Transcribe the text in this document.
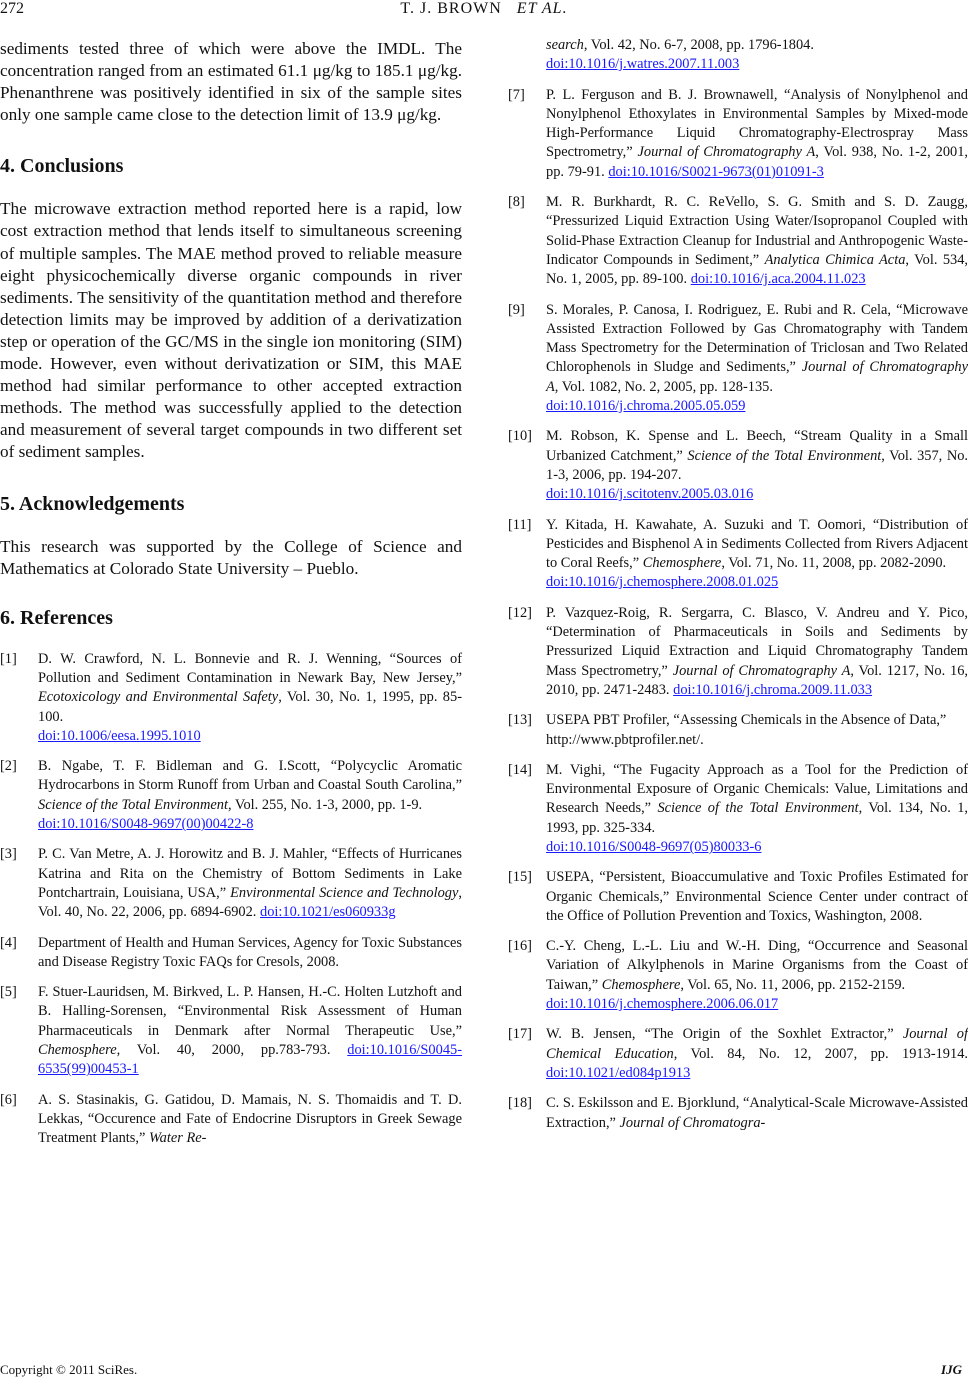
272	T. J. BROWN ET AL.

sediments tested three of which were above the IMDL. The concentration ranged from an estimated 61.1 μg/kg to 185.1 μg/kg. Phenanthrene was positively identified in six of the sample sites only one sample came close to the detection limit of 13.9 μg/kg.

4. Conclusions

The microwave extraction method reported here is a rapid, low cost extraction method that lends itself to simultaneous screening of multiple samples. The MAE method proved to reliable measure eight physicochemically diverse organic compounds in river sediments. The sensitivity of the quantitation method and therefore detection limits may be improved by addition of a derivatization step or operation of the GC/MS in the single ion monitoring (SIM) mode. However, even without derivatization or SIM, this MAE method had similar performance to other accepted extraction methods. The method was successfully applied to the detection and measurement of several target compounds in two different set of sediment samples.

5. Acknowledgements

This research was supported by the College of Science and Mathematics at Colorado State University – Pueblo.

6. References
[1] D. W. Crawford, N. L. Bonnevie and R. J. Wenning, “Sources of Pollution and Sediment Contamination in Newark Bay, New Jersey,” Ecotoxicology and Environmental Safety, Vol. 30, No. 1, 1995, pp. 85-100.
doi:10.1006/eesa.1995.1010
[2] B. Ngabe, T. F. Bidleman and G. I.Scott, “Polycyclic Aromatic Hydrocarbons in Storm Runoff from Urban and Coastal South Carolina,” Science of the Total Environment, Vol. 255, No. 1-3, 2000, pp. 1-9.
doi:10.1016/S0048-9697(00)00422-8
[3] P. C. Van Metre, A. J. Horowitz and B. J. Mahler, “Effects of Hurricanes Katrina and Rita on the Chemistry of Bottom Sediments in Lake Pontchartrain, Louisiana, USA,” Environmental Science and Technology, Vol. 40, No. 22, 2006, pp. 6894-6902. doi:10.1021/es060933g
[4] Department of Health and Human Services, Agency for Toxic Substances and Disease Registry Toxic FAQs for Cresols, 2008.
[5] F. Stuer-Lauridsen, M. Birkved, L. P. Hansen, H.-C. Holten Lutzhoft and B. Halling-Sorensen, “Environmental Risk Assessment of Human Pharmaceuticals in Denmark after Normal Therapeutic Use,” Chemosphere, Vol. 40, 2000, pp.783-793. doi:10.1016/S0045-6535(99)00453-1
[6] A. S. Stasinakis, G. Gatidou, D. Mamais, N. S. Thomaidis and T. D. Lekkas, “Occurence and Fate of Endocrine Disruptors in Greek Sewage Treatment Plants,” Water Re-
search, Vol. 42, No. 6-7, 2008, pp. 1796-1804.
doi:10.1016/j.watres.2007.11.003
[7] P. L. Ferguson and B. J. Brownawell, “Analysis of Nonylphenol and Nonylphenol Ethoxylates in Environmental Samples by Mixed-mode High-Performance Liquid Chromatography-Electrospray Mass Spectrometry,” Journal of Chromatography A, Vol. 938, No. 1-2, 2001, pp. 79-91. doi:10.1016/S0021-9673(01)01091-3
[8] M. R. Burkhardt, R. C. ReVello, S. G. Smith and S. D. Zaugg, “Pressurized Liquid Extraction Using Water/Isopropanol Coupled with Solid-Phase Extraction Cleanup for Industrial and Anthropogenic Waste-Indicator Compounds in Sediment,” Analytica Chimica Acta, Vol. 534, No. 1, 2005, pp. 89-100. doi:10.1016/j.aca.2004.11.023
[9] S. Morales, P. Canosa, I. Rodriguez, E. Rubi and R. Cela, “Microwave Assisted Extraction Followed by Gas Chromatography with Tandem Mass Spectrometry for the Determination of Triclosan and Two Related Chlorophenols in Sludge and Sediments,” Journal of Chromatography A, Vol. 1082, No. 2, 2005, pp. 128-135.
doi:10.1016/j.chroma.2005.05.059
[10] M. Robson, K. Spense and L. Beech, “Stream Quality in a Small Urbanized Catchment,” Science of the Total Environment, Vol. 357, No. 1-3, 2006, pp. 194-207.
doi:10.1016/j.scitotenv.2005.03.016
[11] Y. Kitada, H. Kawahate, A. Suzuki and T. Oomori, “Distribution of Pesticides and Bisphenol A in Sediments Collected from Rivers Adjacent to Coral Reefs,” Chemosphere, Vol. 71, No. 11, 2008, pp. 2082-2090.
doi:10.1016/j.chemosphere.2008.01.025
[12] P. Vazquez-Roig, R. Sergarra, C. Blasco, V. Andreu and Y. Pico, “Determination of Pharmaceuticals in Soils and Sediments by Pressurized Liquid Extraction and Liquid Chromatography Tandem Mass Spectrometry,” Journal of Chromatography A, Vol. 1217, No. 16, 2010, pp. 2471-2483. doi:10.1016/j.chroma.2009.11.033
[13] USEPA PBT Profiler, “Assessing Chemicals in the Absence of Data,”
http://www.pbtprofiler.net/.
[14] M. Vighi, “The Fugacity Approach as a Tool for the Prediction of Environmental Exposure of Organic Chemicals: Value, Limitations and Research Needs,” Science of the Total Environment, Vol. 134, No. 1, 1993, pp. 325-334.
doi:10.1016/S0048-9697(05)80033-6
[15] USEPA, “Persistent, Bioaccumulative and Toxic Profiles Estimated for Organic Chemicals,” Environmental Science Center under contract of the Office of Pollution Prevention and Toxics, Washington, 2008.
[16] C.-Y. Cheng, L.-L. Liu and W.-H. Ding, “Occurrence and Seasonal Variation of Alkylphenols in Marine Organisms from the Coast of Taiwan,” Chemosphere, Vol. 65, No. 11, 2006, pp. 2152-2159.
doi:10.1016/j.chemosphere.2006.06.017
[17] W. B. Jensen, “The Origin of the Soxhlet Extractor,” Journal of Chemical Education, Vol. 84, No. 12, 2007, pp. 1913-1914. doi:10.1021/ed084p1913
[18] C. S. Eskilsson and E. Bjorklund, “Analytical-Scale Microwave-Assisted Extraction,” Journal of Chromatogra-
Copyright © 2011 SciRes.	IJG
